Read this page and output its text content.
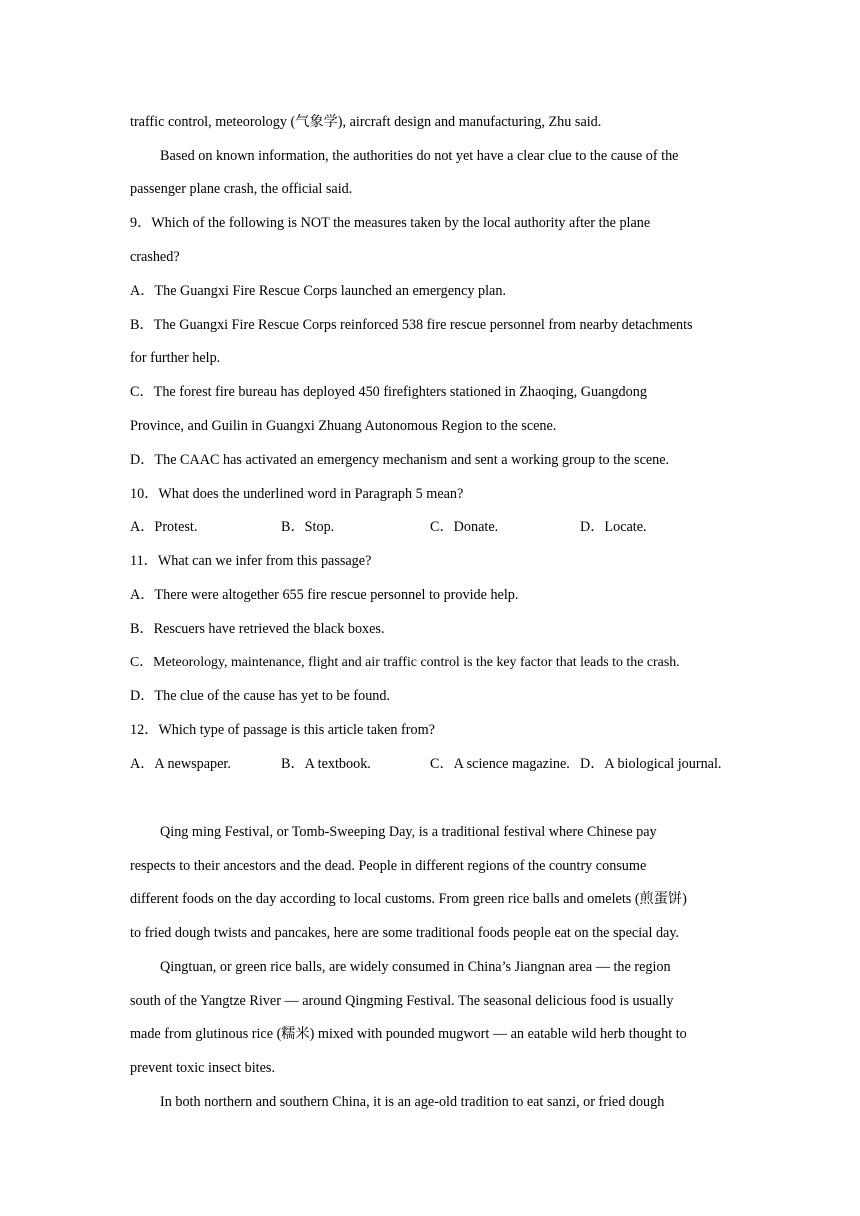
traffic control, meteorology (气象学), aircraft design and manufacturing, Zhu said.
Based on known information, the authorities do not yet have a clear clue to the cause of the
passenger plane crash, the official said.
9．Which of the following is NOT the measures taken by the local authority after the plane
crashed?
A．The Guangxi Fire Rescue Corps launched an emergency plan.
B．The Guangxi Fire Rescue Corps reinforced 538 fire rescue personnel from nearby detachments
for further help.
C．The forest fire bureau has deployed 450 firefighters stationed in Zhaoqing, Guangdong
Province, and Guilin in Guangxi Zhuang Autonomous Region to the scene.
D．The CAAC has activated an emergency mechanism and sent a working group to the scene.
10．What does the underlined word in Paragraph 5 mean?
A．Protest.	B．Stop.	C．Donate.	D．Locate.
11．What can we infer from this passage?
A．There were altogether 655 fire rescue personnel to provide help.
B．Rescuers have retrieved the black boxes.
C．Meteorology, maintenance, flight and air traffic control is the key factor that leads to the crash.
D．The clue of the cause has yet to be found.
12．Which type of passage is this article taken from?
A．A newspaper.	B．A textbook.	C．A science magazine. D．A biological journal.
Qing ming Festival, or Tomb-Sweeping Day, is a traditional festival where Chinese pay
respects to their ancestors and the dead. People in different regions of the country consume
different foods on the day according to local customs. From green rice balls and omelets (煎蛋饼)
to fried dough twists and pancakes, here are some traditional foods people eat on the special day.
Qingtuan, or green rice balls, are widely consumed in China’s Jiangnan area — the region
south of the Yangtze River — around Qingming Festival. The seasonal delicious food is usually
made from glutinous rice (糯米) mixed with pounded mugwort — an eatable wild herb thought to
prevent toxic insect bites.
In both northern and southern China, it is an age-old tradition to eat sanzi, or fried dough
